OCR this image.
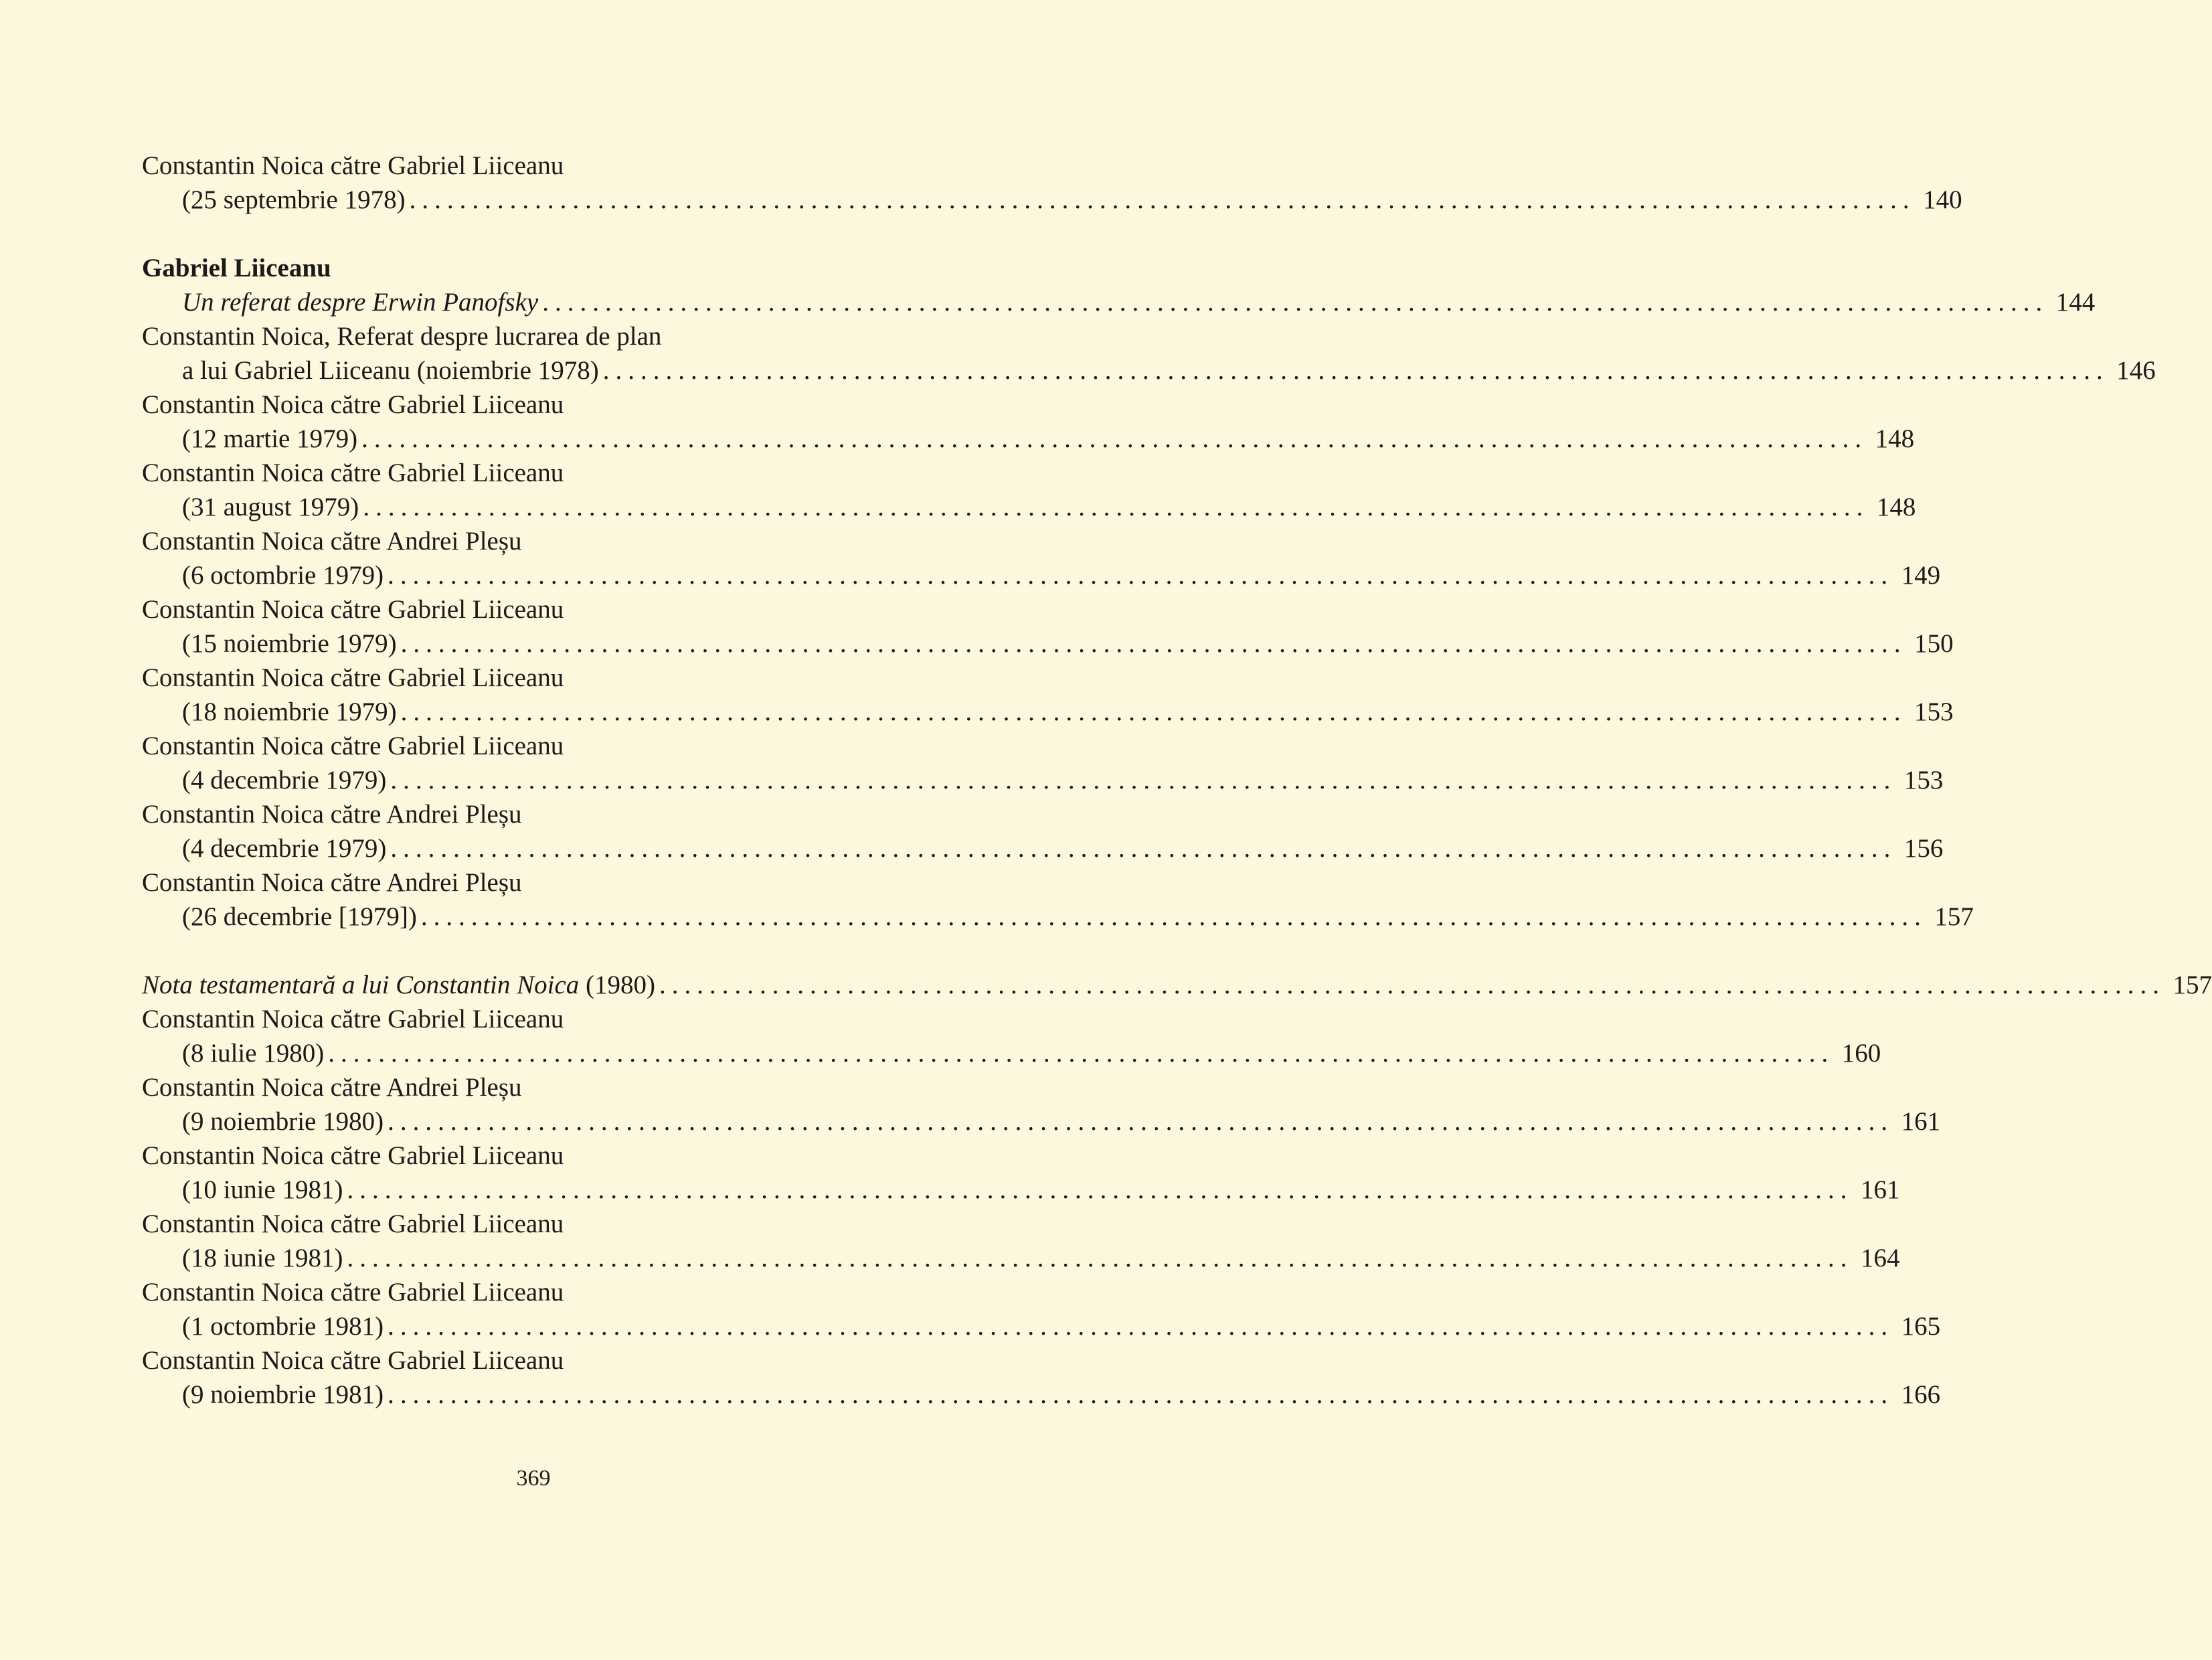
Constantin Noica către Gabriel Liiceanu
(25 septembrie 1978) ........................................................................................................................ 140
Gabriel Liiceanu
Un referat despre Erwin Panofsky ........................................................................................................................ 144
Constantin Noica, Referat despre lucrarea de plan
a lui Gabriel Liiceanu (noiembrie 1978) ........................................................................................................................ 146
Constantin Noica către Gabriel Liiceanu
(12 martie 1979) ........................................................................................................................ 148
Constantin Noica către Gabriel Liiceanu
(31 august 1979) ........................................................................................................................ 148
Constantin Noica către Andrei Pleșu
(6 octombrie 1979) ........................................................................................................................ 149
Constantin Noica către Gabriel Liiceanu
(15 noiembrie 1979) ........................................................................................................................ 150
Constantin Noica către Gabriel Liiceanu
(18 noiembrie 1979) ........................................................................................................................ 153
Constantin Noica către Gabriel Liiceanu
(4 decembrie 1979) ........................................................................................................................ 153
Constantin Noica către Andrei Pleșu
(4 decembrie 1979) ........................................................................................................................ 156
Constantin Noica către Andrei Pleșu
(26 decembrie [1979]) ........................................................................................................................ 157
Nota testamentară a lui Constantin Noica (1980) ........................................................................................................................ 157
Constantin Noica către Gabriel Liiceanu
(8 iulie 1980) ........................................................................................................................ 160
Constantin Noica către Andrei Pleșu
(9 noiembrie 1980) ........................................................................................................................ 161
Constantin Noica către Gabriel Liiceanu
(10 iunie 1981) ........................................................................................................................ 161
Constantin Noica către Gabriel Liiceanu
(18 iunie 1981) ........................................................................................................................ 164
Constantin Noica către Gabriel Liiceanu
(1 octombrie 1981) ........................................................................................................................ 165
Constantin Noica către Gabriel Liiceanu
(9 noiembrie 1981) ........................................................................................................................ 166
369
